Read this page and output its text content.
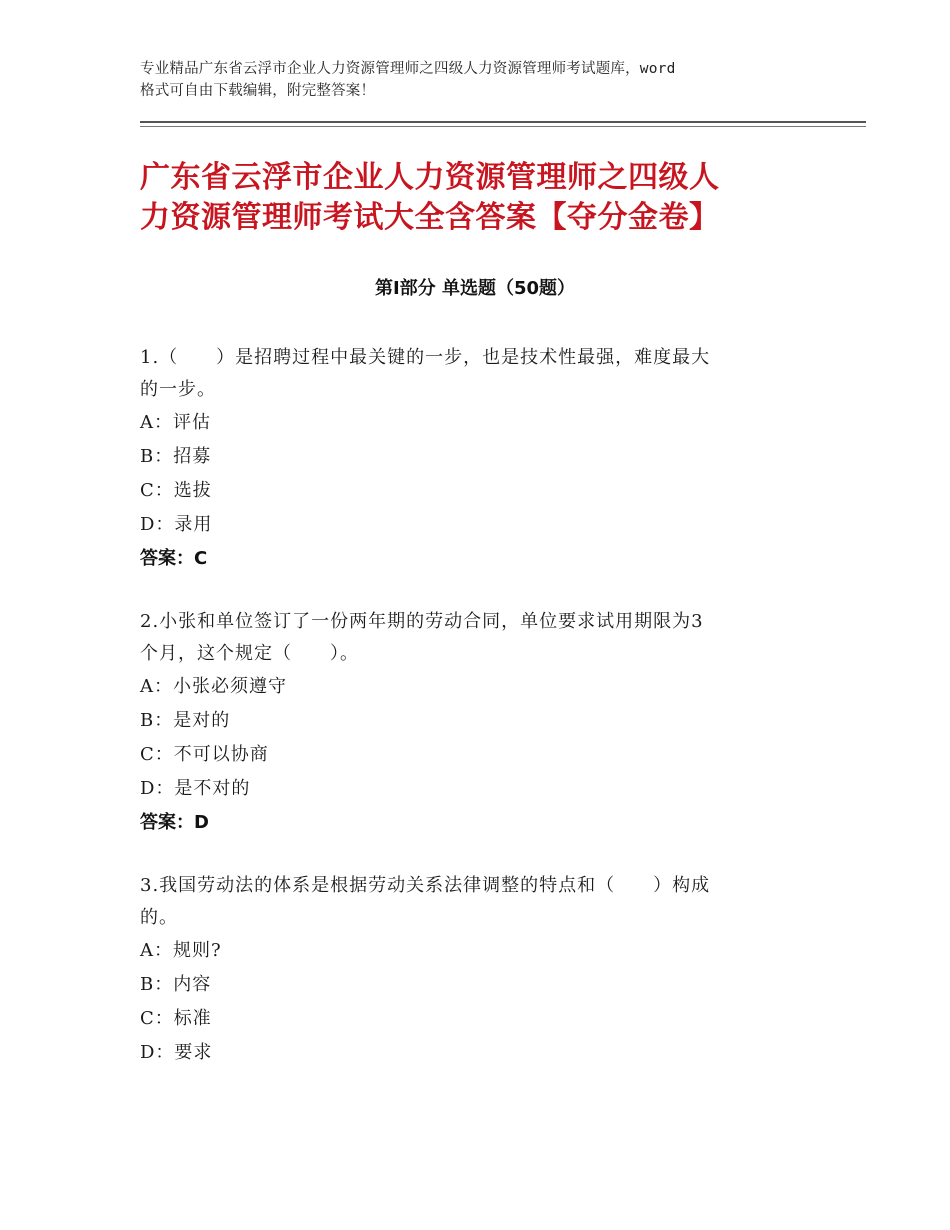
专业精品广东省云浮市企业人力资源管理师之四级人力资源管理师考试题库，word
格式可自由下载编辑，附完整答案！
广东省云浮市企业人力资源管理师之四级人
力资源管理师考试大全含答案【夺分金卷】
第Ⅰ部分 单选题（50题）
1.（　　）是招聘过程中最关键的一步，也是技术性最强，难度最大
的一步。
A：评估
B：招募
C：选拔
D：录用
答案：C
2.小张和单位签订了一份两年期的劳动合同，单位要求试用期限为3
个月，这个规定（　　）。
A：小张必须遵守
B：是对的
C：不可以协商
D：是不对的
答案：D
3.我国劳动法的体系是根据劳动关系法律调整的特点和（　　）构成
的。
A：规则?
B：内容
C：标准
D：要求
